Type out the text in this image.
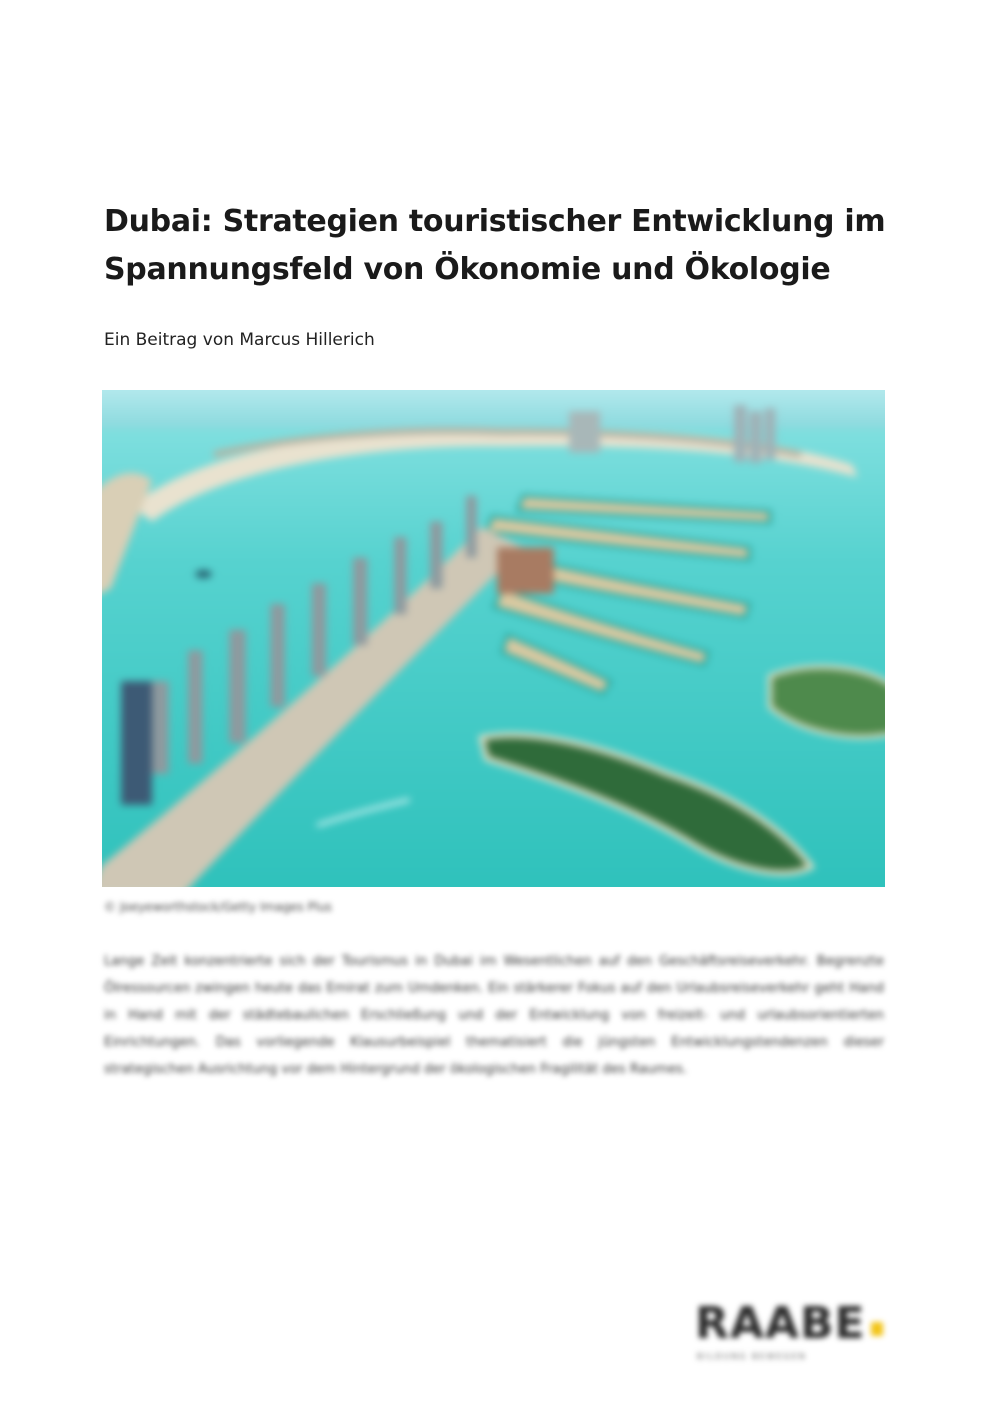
Dubai: Strategien touristischer Entwicklung im Spannungsfeld von Ökonomie und Ökologie
Ein Beitrag von Marcus Hillerich
© Joeyeworthstock/Getty Images Plus

Lange Zeit konzentrierte sich der Tourismus in Dubai im Wesentlichen auf den Geschäftsreiseverkehr. Begrenzte Ölressourcen zwingen heute das Emirat zum Umdenken. Ein stärkerer Fokus auf den Urlaubsreiseverkehr geht Hand in Hand mit der städtebaulichen Erschließung und der Entwicklung von freizeit- und urlaubsorientierten Einrichtungen. Das vorliegende Klausurbeispiel thematisiert die jüngsten Entwicklungstendenzen dieser strategischen Ausrichtung vor dem Hintergrund der ökologischen Fragilität des Raumes.

RAABE
BILDUNG BEWEGEN
